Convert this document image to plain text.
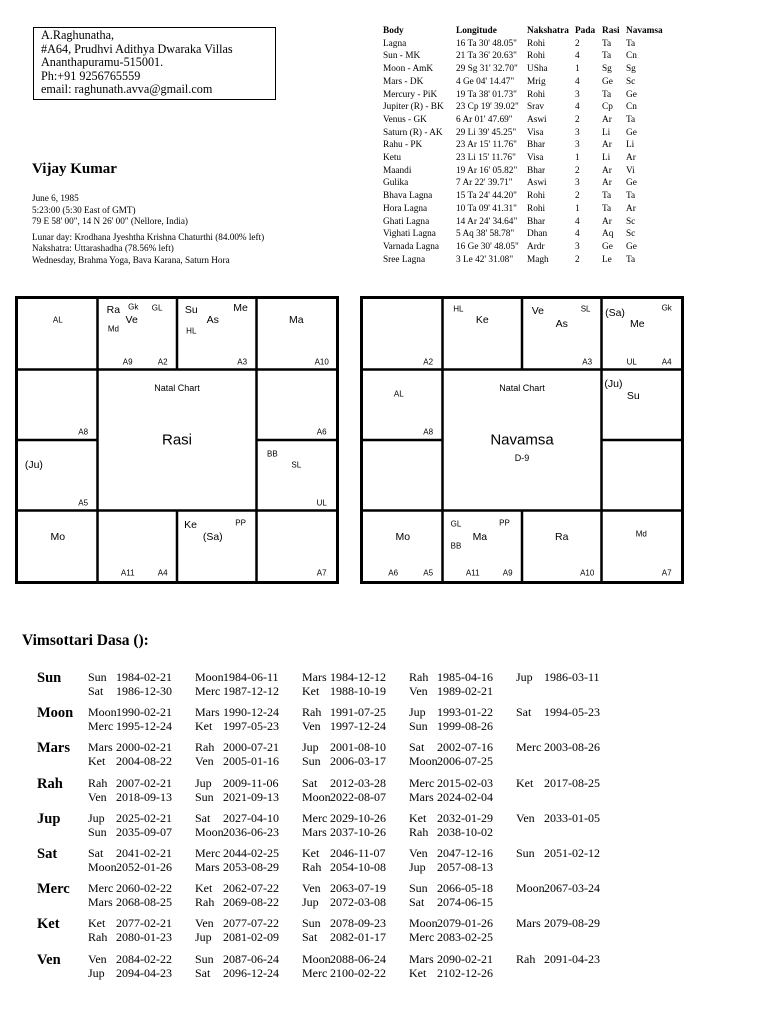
A.Raghunatha,
#A64, Prudhvi Adithya Dwaraka Villas
Ananthapuramu-515001.
Ph:+91 9256765559
email: raghunath.avva@gmail.com
Vijay Kumar
June 6, 1985
5:23:00 (5:30 East of GMT)
79 E 58' 00", 14 N 26' 00" (Nellore, India)
Lunar day: Krodhana Jyeshtha Krishna Chaturthi (84.00% left)
Nakshatra: Uttarashadha (78.56% left)
Wednesday, Brahma Yoga, Bava Karana, Saturn Hora
Body	Longitude	Nakshatra Pada Rasi Navamsa
Lagna	16 Ta 30' 48.05"	Rohi	2	Ta	Ta
Sun - MK	21 Ta 36' 20.63"	Rohi	4	Ta	Cn
Moon - AmK	29 Sg 31' 32.70" USha	1	Sg	Sg
Mars - DK	4 Ge 04' 14.47"	Mrig	4	Ge	Sc
Mercury - PiK	19 Ta 38' 01.73"	Rohi	3	Ta	Ge
Jupiter (R) - BK	23 Cp 19' 39.02" Srav	4	Cp	Cn
Venus - GK	6 Ar 01' 47.69"	Aswi	2	Ar	Ta
Saturn (R) - AK	29 Li 39' 45.25"	Visa	3	Li	Ge
Rahu - PK	23 Ar 15' 11.76"	Bhar	3	Ar	Li
Ketu	23 Li 15' 11.76"	Visa	1	Li	Ar
Maandi	19 Ar 16' 05.82"	Bhar	2	Ar	Vi
Gulika	7 Ar 22' 39.71"	Aswi	3	Ar	Ge
Bhava Lagna	15 Ta 24' 44.20"	Rohi	2	Ta	Ta
Hora Lagna	10 Ta 09' 41.31"	Rohi	1	Ta	Ar
Ghati Lagna	14 Ar 24' 34.64"	Bhar	4	Ar	Sc
Vighati Lagna	5 Aq 38' 58.78"	Dhan	4	Aq	Sc
Varnada Lagna	16 Ge 30' 48.05" Ardr	3	Ge	Ge
Sree Lagna	3 Le 42' 31.08"	Magh	2	Le	Ta
Natal Chart
Rasi
AL
Ra
Md
Gk
Ve
GL
A9	A2
Su
HL
As
Me
A3
Ma
A10
A8	A6
(Ju)
A5
BB
SL
UL
Mo
A11	A4
Ke
(Sa)
PP
A7
Natal Chart
Navamsa
D-9
A2
HL
Ke
Ve
As
SL
A3
(Sa)
Me
Gk
UL	A4
AL
A8
(Ju)
Su
Mo
A6	A5
GL
BB
Ma
PP
A11	A9
Ra
A10
Md
A7
Vimsottari Dasa ():
Sun Sun 1984-02-21	Moon 1984-06-11	Mars 1984-12-12	Rah 1985-04-16	Jup 1986-03-11
Sat	1986-12-30	Merc 1987-12-12	Ket 1988-10-19	Ven 1989-02-21
Moon Moon 1990-02-21	Mars 1990-12-24	Rah 1991-07-25	Jup 1993-01-22	Sat	1994-05-23
Merc 1995-12-24	Ket 1997-05-23	Ven 1997-12-24	Sun 1999-08-26
Mars Mars 2000-02-21	Rah 2000-07-21	Jup 2001-08-10	Sat	2002-07-16	Merc 2003-08-26
Ket 2004-08-22	Ven 2005-01-16	Sun 2006-03-17	Moon 2006-07-25
Rah Rah 2007-02-21	Jup 2009-11-06	Sat	2012-03-28	Merc 2015-02-03	Ket 2017-08-25
Ven 2018-09-13	Sun 2021-09-13	Moon 2022-08-07	Mars 2024-02-04
Jup Jup 2025-02-21	Sat	2027-04-10	Merc 2029-10-26	Ket 2032-01-29	Ven 2033-01-05
Sun 2035-09-07	Moon 2036-06-23	Mars 2037-10-26	Rah 2038-10-02
Sat	Sat	2041-02-21	Merc 2044-02-25	Ket 2046-11-07	Ven 2047-12-16	Sun 2051-02-12
Moon 2052-01-26	Mars 2053-08-29	Rah 2054-10-08	Jup 2057-08-13
Merc Merc 2060-02-22	Ket 2062-07-22	Ven 2063-07-19	Sun 2066-05-18	Moon 2067-03-24
Mars 2068-08-25	Rah 2069-08-22	Jup 2072-03-08	Sat	2074-06-15
Ket Ket 2077-02-21	Ven 2077-07-22	Sun 2078-09-23	Moon 2079-01-26	Mars 2079-08-29
Rah 2080-01-23	Jup 2081-02-09	Sat	2082-01-17	Merc 2083-02-25
Ven Ven 2084-02-22	Sun 2087-06-24	Moon 2088-06-24	Mars 2090-02-21	Rah 2091-04-23
Jup 2094-04-23	Sat	2096-12-24	Merc 2100-02-22	Ket 2102-12-26
